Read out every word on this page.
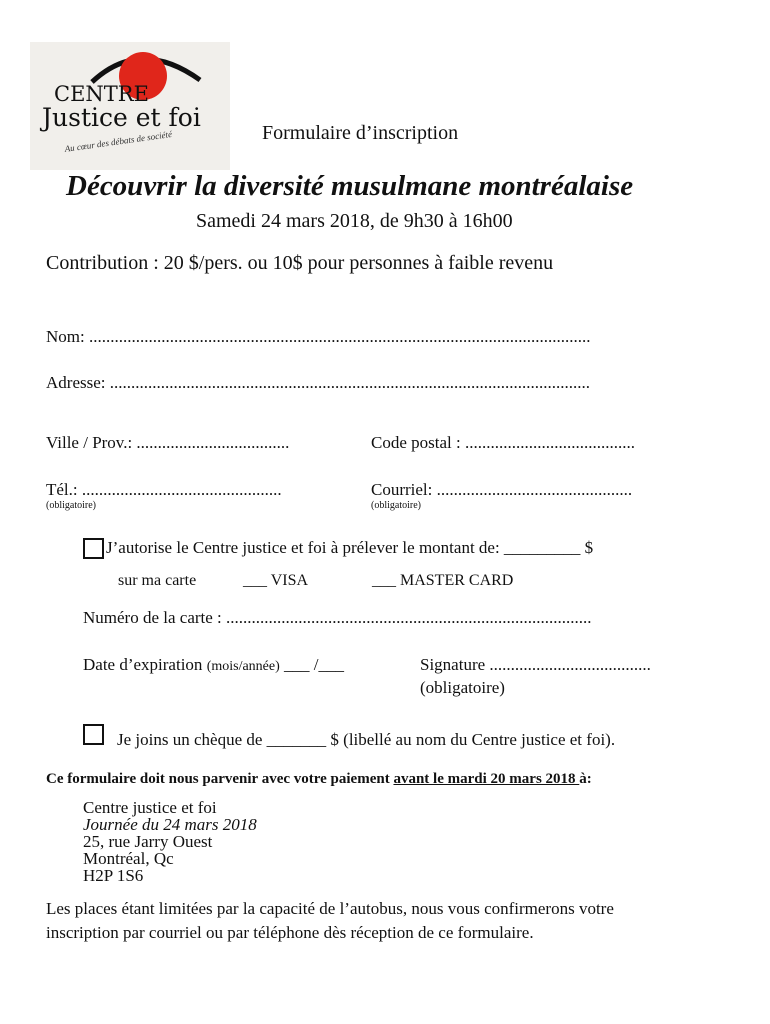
CENTRE
Justice et foi
Au cœur des débats de société	Formulaire d’inscription
Découvrir la diversité musulmane montréalaise
Samedi 24 mars 2018, de 9h30 à 16h00
Contribution : 20 $/pers. ou 10$ pour personnes à faible revenu
Nom: ......................................................................................................................
Adresse: .................................................................................................................
Ville / Prov.: ....................................	Code postal : ........................................
Tél.: ...............................................
(obligatoire)
Courriel: ..............................................
(obligatoire)
J’autorise le Centre justice et foi à prélever le montant de: _________ $
sur ma carte	___ VISA	___ MASTER CARD
Numéro de la carte : ......................................................................................
Date d’expiration (mois/année) ___ /___	Signature ......................................
(obligatoire)
Je joins un chèque de _______ $ (libellé au nom du Centre justice et foi).
Ce formulaire doit nous parvenir avec votre paiement avant le mardi 20 mars 2018 à:
Centre justice et foi
Journée du 24 mars 2018
25, rue Jarry Ouest
Montréal, Qc
H2P 1S6
Les places étant limitées par la capacité de l’autobus, nous vous confirmerons votre
inscription par courriel ou par téléphone dès réception de ce formulaire.
